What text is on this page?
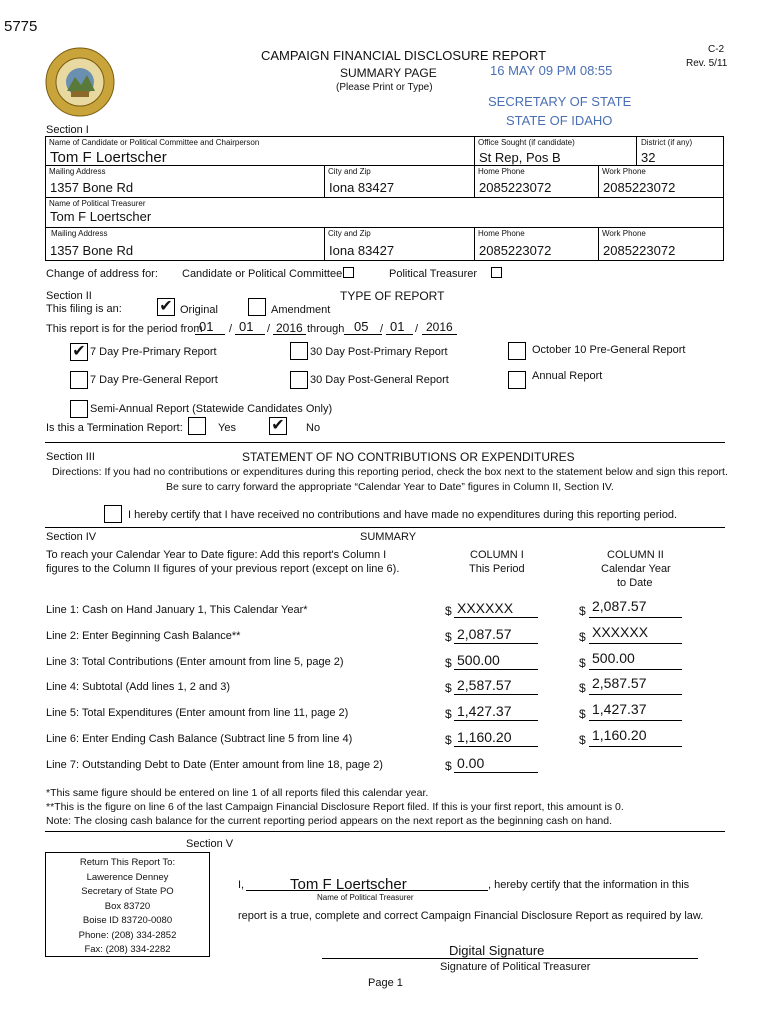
5775
CAMPAIGN FINANCIAL DISCLOSURE REPORT
SUMMARY PAGE
(Please Print or Type)
C-2
Rev. 5/11
16 MAY 09 PM 08:55
SECRETARY OF STATE
STATE OF IDAHO
Section I
Name of Candidate or Political Committee and Chairperson
Tom F Loertscher
Office Sought (if candidate)
St Rep, Pos B
District (if any)
32
Mailing Address
1357 Bone Rd
City and Zip
Iona 83427
Home Phone
2085223072
Work Phone
2085223072
Name of Political Treasurer
Tom F Loertscher
Mailing Address
1357 Bone Rd
City and Zip
Iona 83427
Home Phone
2085223072
Work Phone
2085223072
Change of address for: Candidate or Political Committee	Political Treasurer
Section II	TYPE OF REPORT
This filing is an: ✔ Original	Amendment
This report is for the period from
01 / 01 / 2016 through 05 / 01 / 2016
✔ 7 Day Pre-Primary Report	30 Day Post-Primary Report	October 10 Pre-General Report
7 Day Pre-General Report	30 Day Post-General Report	Annual Report
Semi-Annual Report (Statewide Candidates Only)
Is this a Termination Report:	Yes ✔ No
Section III	STATEMENT OF NO CONTRIBUTIONS OR EXPENDITURES
Directions: If you had no contributions or expenditures during this reporting period, check the box next to the statement below and sign this report.
Be sure to carry forward the appropriate “Calendar Year to Date” figures in Column II, Section IV.
I hereby certify that I have received no contributions and have made no expenditures during this reporting period.
Section IV	SUMMARY
To reach your Calendar Year to Date figure: Add this report's Column I
figures to the Column II figures of your previous report (except on line 6).
COLUMN I
This Period
COLUMN II
Calendar Year
to Date
Line 1: Cash on Hand January 1, This Calendar Year*	$ XXXXXX	$ 2,087.57
Line 2: Enter Beginning Cash Balance**	$ 2,087.57	$ XXXXXX
Line 3: Total Contributions (Enter amount from line 5, page 2)	$ 500.00	$ 500.00
Line 4: Subtotal (Add lines 1, 2 and 3)	$ 2,587.57	$ 2,587.57
Line 5: Total Expenditures (Enter amount from line 11, page 2)	$ 1,427.37	$ 1,427.37
Line 6: Enter Ending Cash Balance (Subtract line 5 from line 4)	$ 1,160.20	$ 1,160.20
Line 7: Outstanding Debt to Date (Enter amount from line 18, page 2)	$ 0.00
*This same figure should be entered on line 1 of all reports filed this calendar year.
**This is the figure on line 6 of the last Campaign Financial Disclosure Report filed. If this is your first report, this amount is 0.
Note: The closing cash balance for the current reporting period appears on the next report as the beginning cash on hand.
Section V
Return This Report To:
Lawerence Denney
Secretary of State PO
Box 83720
Boise ID 83720-0080
Phone: (208) 334-2852
Fax: (208) 334-2282
I,	Tom F Loertscher
Name of Political Treasurer
, hereby certify that the information in this
report is a true, complete and correct Campaign Financial Disclosure Report as required by law.
Digital Signature
Signature of Political Treasurer
Page 1
